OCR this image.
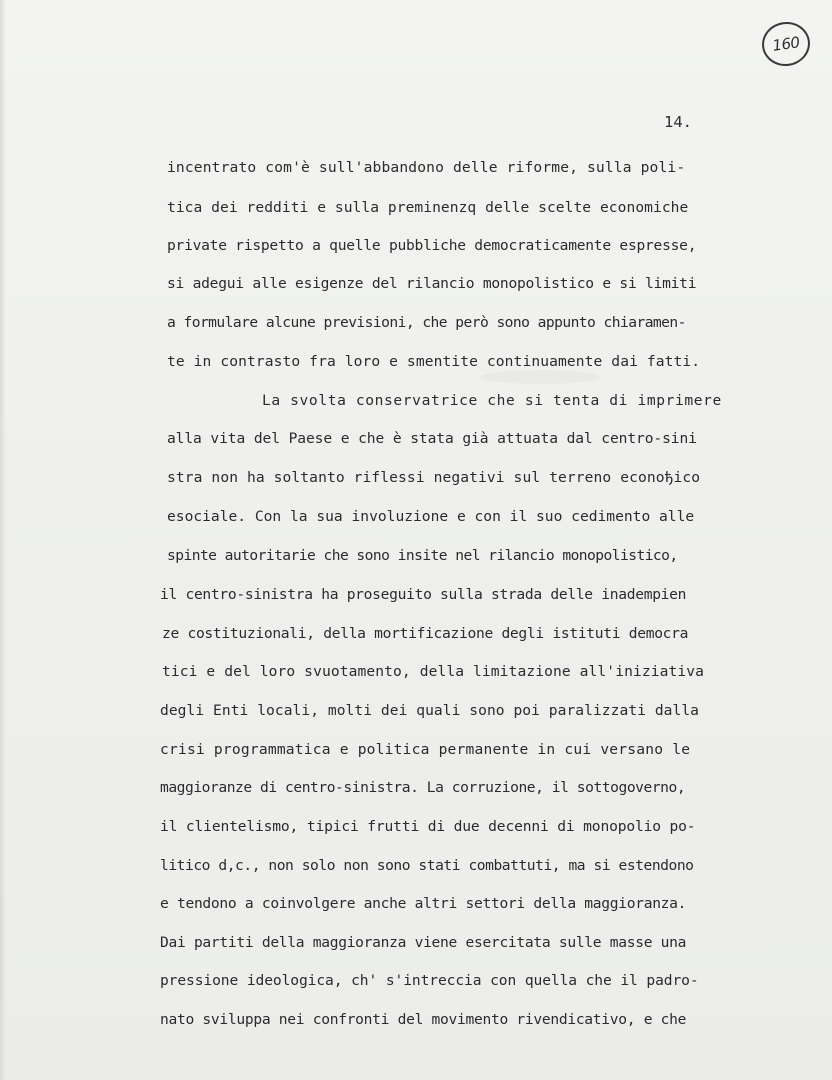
160
14.
incentrato com'è sull'abbandono delle riforme, sulla poli-
tica dei redditi e sulla preminenzq delle scelte economiche
private rispetto a quelle pubbliche democraticamente espresse,
si adegui alle esigenze del rilancio monopolistico e si limiti
a formulare alcune previsioni, che però sono appunto chiaramen-
te in contrasto fra loro e smentite continuamente dai fatti.
La svolta conservatrice che si tenta di imprimere
alla vita del Paese e che è stata già attuata dal centro-sini
stra non ha soltanto riflessi negativi sul terreno econoђico
esociale. Con la sua involuzione e con il suo cedimento alle
spinte autoritarie che sono insite nel rilancio monopolistico,
il centro-sinistra ha proseguito sulla strada delle inadempien
ze costituzionali, della mortificazione degli istituti democra
tici e del loro svuotamento, della limitazione all'iniziativa
degli Enti locali, molti dei quali sono poi paralizzati dalla
crisi programmatica e politica permanente in cui versano le
maggioranze di centro-sinistra. La corruzione, il sottogoverno,
il clientelismo, tipici frutti di due decenni di monopolio po-
litico d,c., non solo non sono stati combattuti, ma si estendono
e tendono a coinvolgere anche altri settori della maggioranza.
Dai partiti della maggioranza viene esercitata sulle masse una
pressione ideologica, ch' s'intreccia con quella che il padro-
nato sviluppa nei confronti del movimento rivendicativo, e che
